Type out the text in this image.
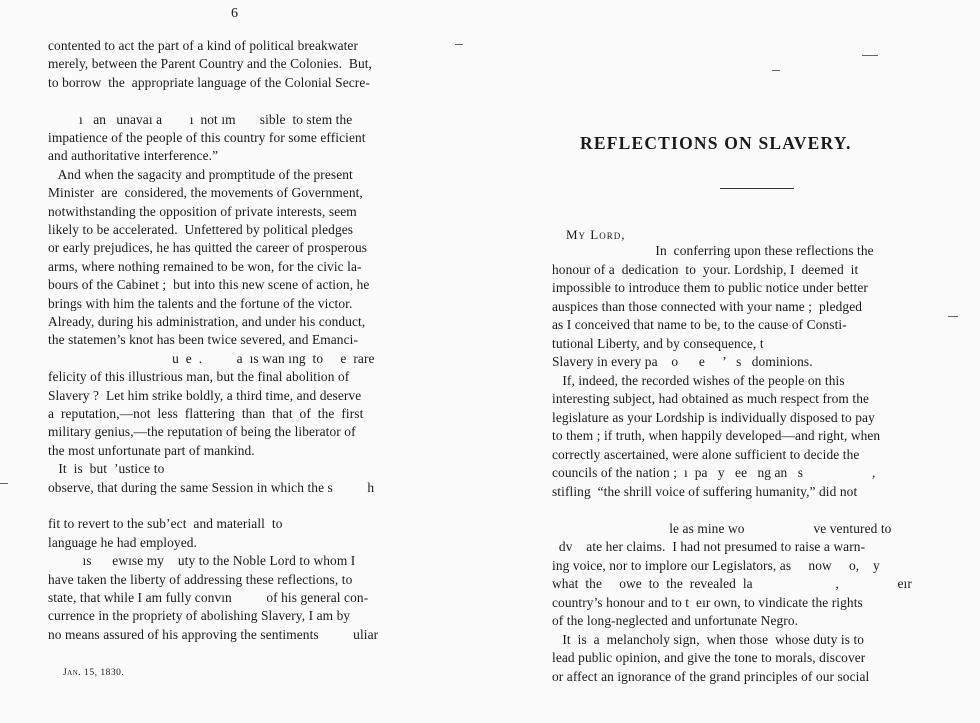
6
contented to act the part of a kind of political breakwater
merely, between the Parent Country and the Colonies.  But,
to borrow  the  appropriate language of the Colonial Secre-
ı   an   unavaı a        ı  not ım       sible  to stem the
impatience of the people of this country for some efficient
and authoritative interference.”
And when the sagacity and promptitude of the present
Minister  are  considered, the movements of Government,
notwithstanding the opposition of private interests, seem
likely to be accelerated.  Unfettered by political pledges
or early prejudices, he has quitted the career of prosperous
arms, where nothing remained to be won, for the civic la-
bours of the Cabinet ;  but into this new scene of action, he
brings with him the talents and the fortune of the victor.
Already, during his administration, and under his conduct,
the statemen’s knot has been twice severed, and Emanci-
u  e  .          a  ıs wan ıng  to     e  rare
felicity of this illustrious man, but the final abolition of
Slavery ?  Let him strike boldly, a third time, and deserve
a  reputation,—not  less  flattering  than  that  of  the  first
military genius,—the reputation of being the liberator of
the most unfortunate part of mankind.
It  is  but  ’ustice to
observe, that during the same Session in which the s          h
fit to revert to the sub’ect  and materiall  to
language he had employed.
ıs      ewıse my    uty to the Noble Lord to whom I
have taken the liberty of addressing these reflections, to
state, that while I am fully convın          of his general con-
currence in the propriety of abolishing Slavery, I am by
no means assured of his approving the sentiments          uliar
Jan. 15, 1830.
REFLECTIONS ON SLAVERY.
My Lord,
In  conferring upon these reflections the
honour of a  dedication  to  your. Lordship, I  deemed  it
impossible to introduce them to public notice under better
auspices than those connected with your name ;  pledged
as I conceived that name to be, to the cause of Consti-
tutional Liberty, and by consequence, t
Slavery in every pa    o      e     ’   s   dominions.
If, indeed, the recorded wishes of the people on this
interesting subject, had obtained as much respect from the
legislature as your Lordship is individually disposed to pay
to them ; if truth, when happily developed—and right, when
correctly ascertained, were alone sufficient to decide the
councils of the nation ;  ı  pa   y   ee   ng an   s                    ,
stifling  “the shrill voice of suffering humanity,” did not
le as mine wo                    ve ventured to
dv    ate her claims.  I had not presumed to raise a warn-
ing voice, nor to implore our Legislators, as     now     o,    y
what  the     owe  to  the  revealed  la                        ,                 eır
country’s honour and to t  eır own, to vindicate the rights
of the long-neglected and unfortunate Negro.
It  is  a  melancholy sign,  when those  whose duty is to
lead public opinion, and give the tone to morals, discover
or affect an ignorance of the grand principles of our social
